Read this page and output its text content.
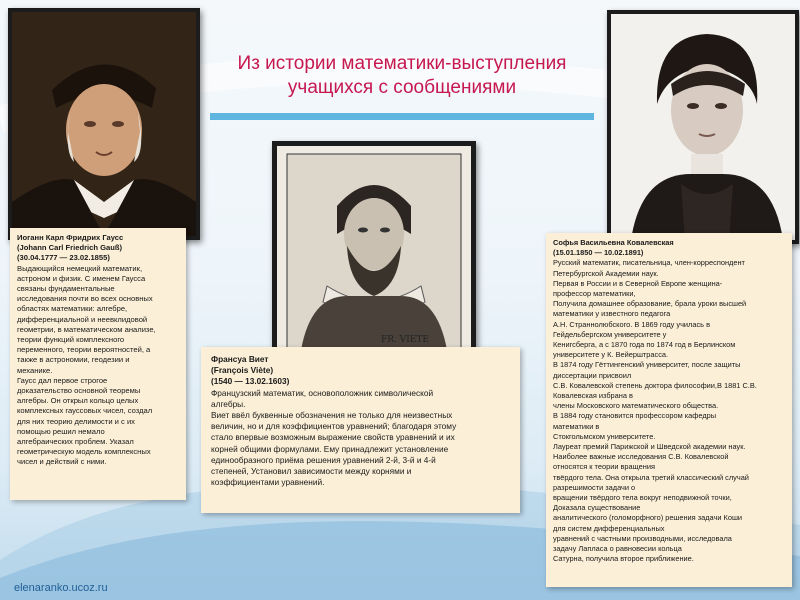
Из истории математики-выступления
учащихся с сообщениями
FR. VIETE
Иоганн Карл Фридрих Гаусс
(Johann Carl Friedrich Gauß)
(30.04.1777 — 23.02.1855)
Выдающийся немецкий математик,
астроном и физик. С именем Гаусса
связаны фундаментальные
исследования почти во всех основных
областях математики: алгебре,
дифференциальной и неевклидовой
геометрии, в математическом анализе,
теории функций комплексного
переменного, теории вероятностей, а
также в астрономии, геодезии и
механике.
Гаусс дал первое строгое
доказательство основной теоремы
алгебры. Он открыл кольцо целых
комплексных гауссовых чисел, создал
для них теорию делимости и с их
помощью решил немало
алгебраических проблем. Указал
геометрическую модель комплексных
чисел и действий с ними.
Франсуа Виет
(François Viète)
(1540 — 13.02.1603)
Французский математик, основоположник символической
алгебры.
Виет ввёл буквенные обозначения не только для неизвестных
величин, но и для коэффициентов уравнений; благодаря этому
стало впервые возможным выражение свойств уравнений и их
корней общими формулами. Ему принадлежит установление
единообразного приёма решения уравнений 2-й, 3-й и 4-й
степеней, Установил зависимости между корнями и
коэффициентами уравнений.
Софья Васильевна Ковалевская
(15.01.1850 — 10.02.1891)
Русский математик, писательница, член-корреспондент
Петербургской Академии наук.
Первая в России и в Северной Европе женщина-
профессор математики,
Получила домашнее образование, брала уроки высшей
математики у известного педагога
А.Н. Страннолюбского. В 1869 году училась в
Гейдельбергском университете у
Кенигсберга, а с 1870 года по 1874 год в Берлинском
университете у К. Вейерштрасса.
В 1874 году Гёттингенский университет, после защиты
диссертации присвоил
С.В. Ковалевской степень доктора философии,В 1881 С.В.
Ковалевская избрана в
члены Московского математического общества.
В 1884 году становится профессором кафедры
математики в
Стокгольмском университете.
Лауреат премий Парижской и Шведской академии наук.
Наиболее важные исследования С.В. Ковалевской
относятся к теории вращения
твёрдого тела. Она открыла третий классический случай
разрешимости задачи о
вращении твёрдого тела вокруг неподвижной точки,
Доказала существование
аналитического (голоморфного) решения задачи Коши
для систем дифференциальных
уравнений с частными производными, исследовала
задачу Лапласа о равновесии кольца
Сатурна, получила второе приближение.
elenaranko.ucoz.ru
